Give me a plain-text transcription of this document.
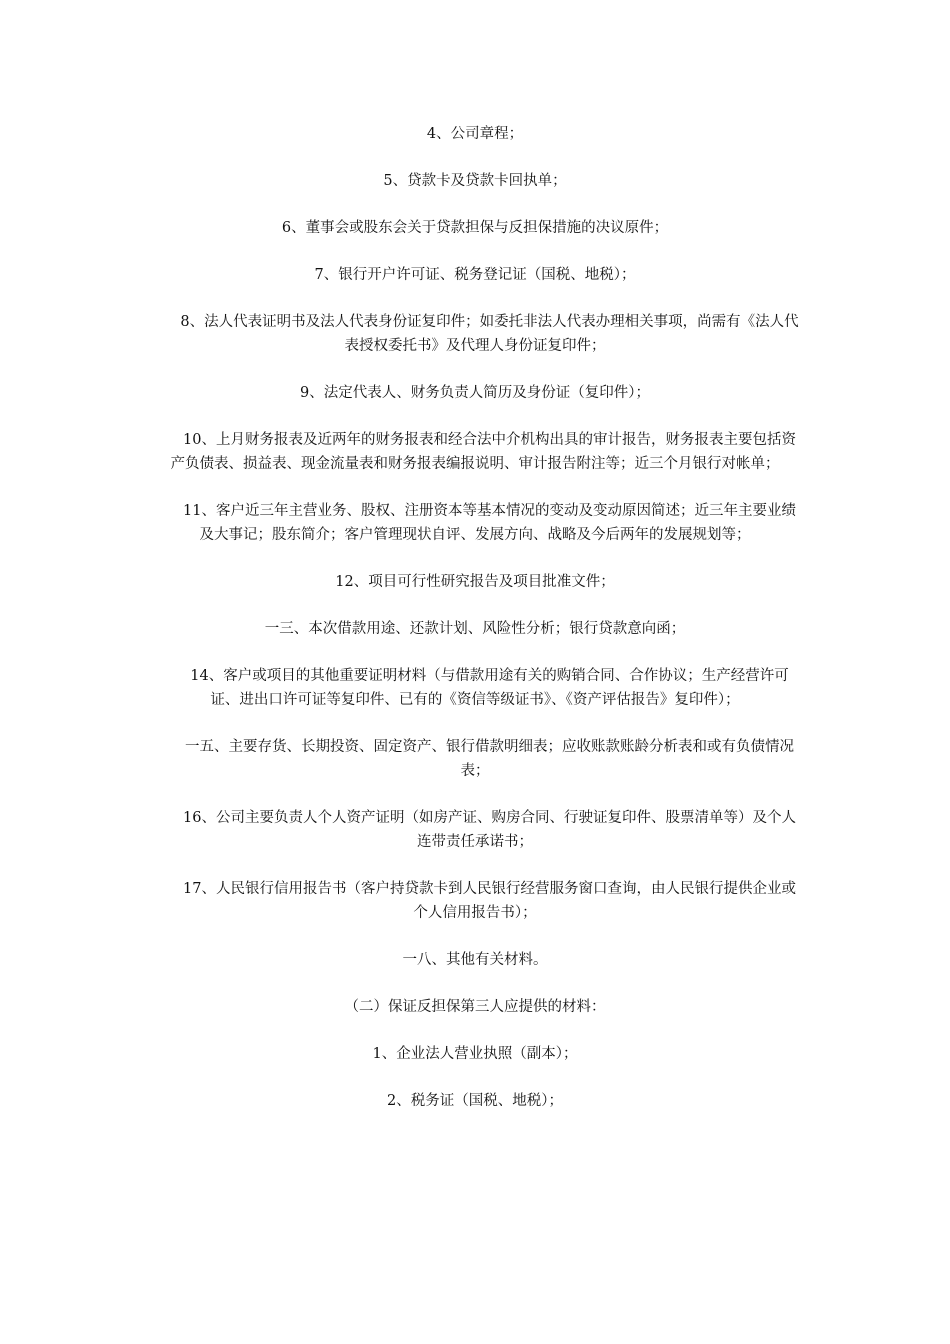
4、公司章程；

5、贷款卡及贷款卡回执单；

6、董事会或股东会关于贷款担保与反担保措施的决议原件；

7、银行开户许可证、税务登记证（国税、地税）；

8、法人代表证明书及法人代表身份证复印件；如委托非法人代表办理相关事项，尚需有《法人代表授权委托书》及代理人身份证复印件；

9、法定代表人、财务负责人简历及身份证（复印件）；

10、上月财务报表及近两年的财务报表和经合法中介机构出具的审计报告，财务报表主要包括资产负债表、损益表、现金流量表和财务报表编报说明、审计报告附注等；近三个月银行对帐单；

11、客户近三年主营业务、股权、注册资本等基本情况的变动及变动原因简述；近三年主要业绩及大事记；股东简介；客户管理现状自评、发展方向、战略及今后两年的发展规划等；

12、项目可行性研究报告及项目批准文件；

一三、本次借款用途、还款计划、风险性分析；银行贷款意向函；

14、客户或项目的其他重要证明材料（与借款用途有关的购销合同、合作协议；生产经营许可证、进出口许可证等复印件、已有的《资信等级证书》、《资产评估报告》复印件）；

一五、主要存货、长期投资、固定资产、银行借款明细表；应收账款账龄分析表和或有负债情况表；

16、公司主要负责人个人资产证明（如房产证、购房合同、行驶证复印件、股票清单等）及个人连带责任承诺书；

17、人民银行信用报告书（客户持贷款卡到人民银行经营服务窗口查询，由人民银行提供企业或个人信用报告书）；

一八、其他有关材料。

（二）保证反担保第三人应提供的材料：

1、企业法人营业执照（副本）；

2、税务证（国税、地税）；
